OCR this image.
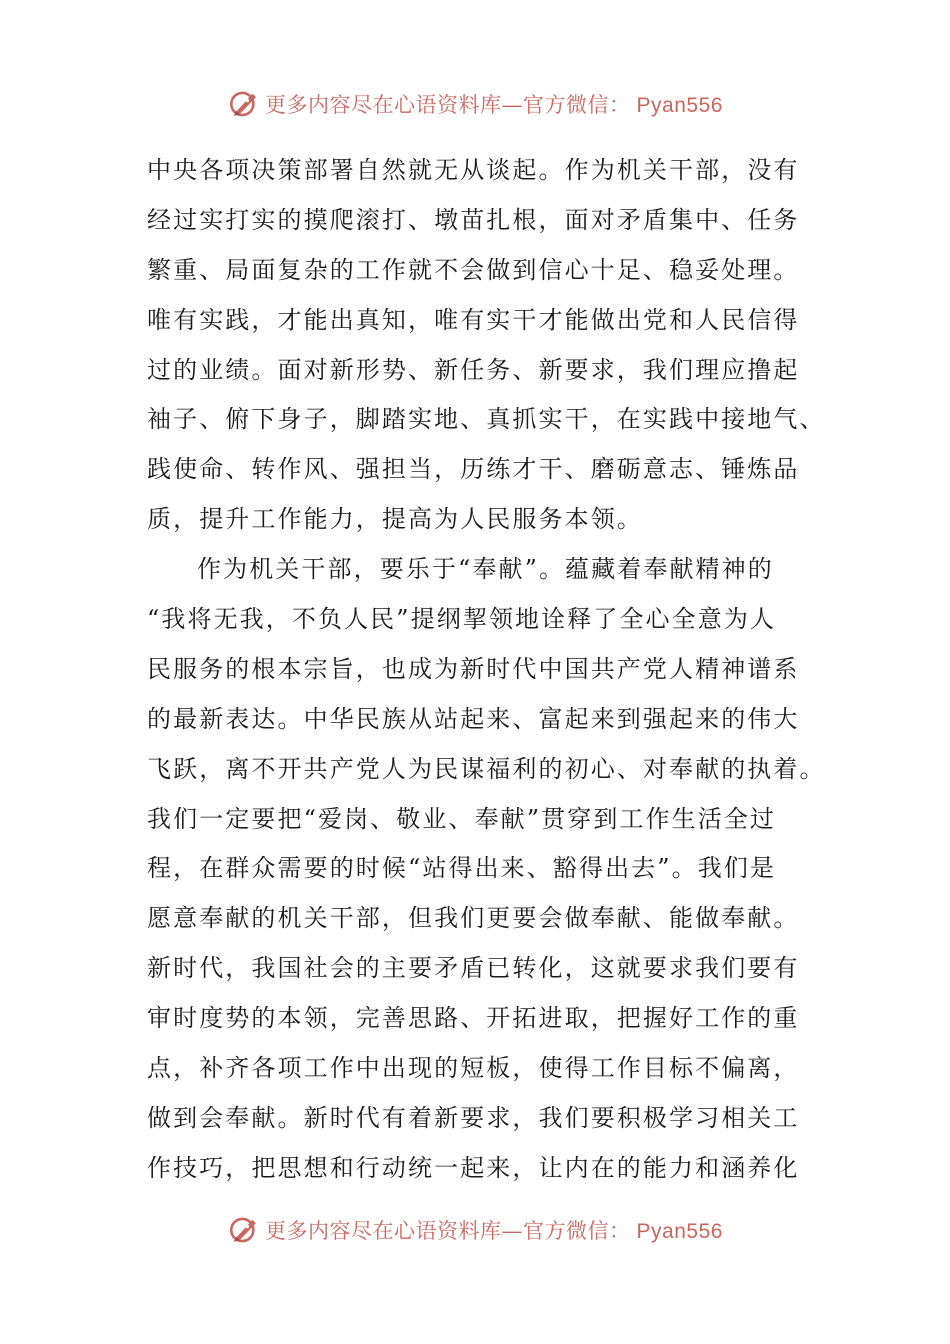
更多内容尽在心语资料库—官方微信： Pyan556
中央各项决策部署自然就无从谈起。作为机关干部，没有
经过实打实的摸爬滚打、墩苗扎根，面对矛盾集中、任务
繁重、局面复杂的工作就不会做到信心十足、稳妥处理。
唯有实践，才能出真知，唯有实干才能做出党和人民信得
过的业绩。面对新形势、新任务、新要求，我们理应撸起
袖子、俯下身子，脚踏实地、真抓实干，在实践中接地气、
践使命、转作风、强担当，历练才干、磨砺意志、锤炼品
质，提升工作能力，提高为人民服务本领。
作为机关干部，要乐于“奉献”。蕴藏着奉献精神的
“我将无我，不负人民”提纲挈领地诠释了全心全意为人
民服务的根本宗旨，也成为新时代中国共产党人精神谱系
的最新表达。中华民族从站起来、富起来到强起来的伟大
飞跃，离不开共产党人为民谋福利的初心、对奉献的执着。
我们一定要把“爱岗、敬业、奉献”贯穿到工作生活全过
程，在群众需要的时候“站得出来、豁得出去”。我们是
愿意奉献的机关干部，但我们更要会做奉献、能做奉献。
新时代，我国社会的主要矛盾已转化，这就要求我们要有
审时度势的本领，完善思路、开拓进取，把握好工作的重
点，补齐各项工作中出现的短板，使得工作目标不偏离，
做到会奉献。新时代有着新要求，我们要积极学习相关工
作技巧，把思想和行动统一起来，让内在的能力和涵养化
更多内容尽在心语资料库—官方微信： Pyan556
